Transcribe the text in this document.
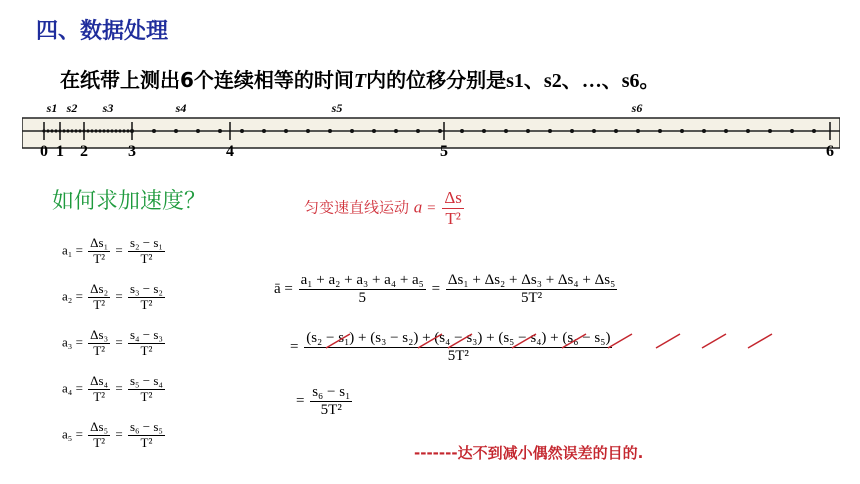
四、数据处理
在纸带上测出6个连续相等的时间T内的位移分别是s1、s2、…、s6。
0 1 2	3	4	5	6
s1 s2 s3	s4	s5	s6
如何求加速度？	匀变速直线运动 $a = \frac{\Delta s}{\text{T²}}$
$a_1 = \frac{\text{Δs₁}}{\text{T²}} = \frac{\text{s₂ − s₁}}{\text{T²}}$
$a_2 = \frac{\text{Δs₂}}{\text{T²}} = \frac{\text{s₃ − s₂}}{\text{T²}}$
$a_3 = \frac{\text{Δs₃}}{\text{T²}} = \frac{\text{s₄ − s₃}}{\text{T²}}$
$a_4 = \frac{\text{Δs₄}}{\text{T²}} = \frac{\text{s₅ − s₄}}{\text{T²}}$
$a_5 = \frac{\text{Δs₅}}{\text{T²}} = \frac{\text{s₆ − s₅}}{\text{T²}}$
ā = $\frac{\text{a₁ + a₂ + a₃ + a₄ + a₅}}{5} = \frac{\text{Δs₁ + Δs₂ + Δs₃ + Δs₄ + Δs₅}}{\text{5T²}}$
= $\frac{\text{(s₂ − s₁) + (s₃ − s₂) + (s₄ − s₃) + (s₅ − s₄) + (s₆ − s₅)}}{\text{5T²}}$
= $\frac{\text{s₆ − s₁}}{\text{5T²}}$
-------达不到减小偶然误差的目的.
